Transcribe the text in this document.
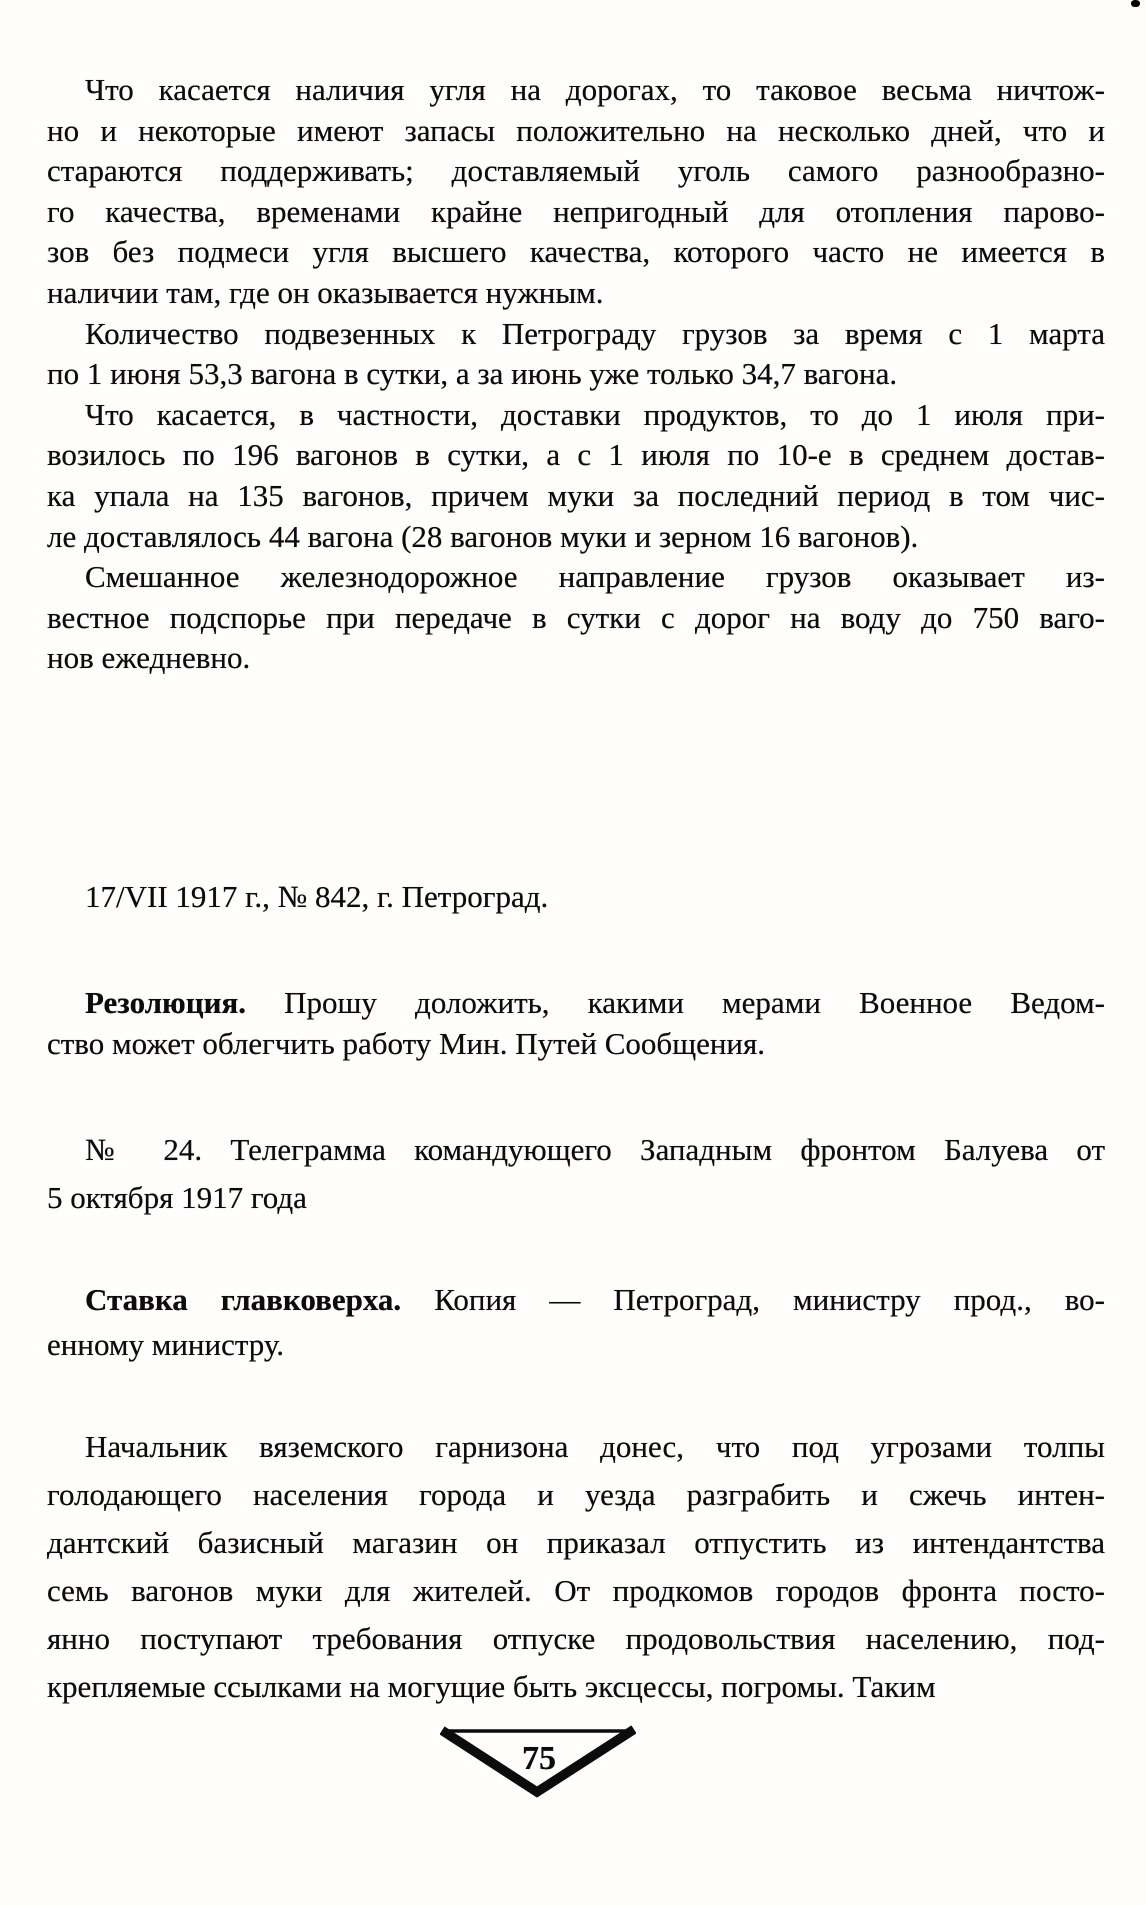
Что касается наличия угля на дорогах, то таковое весьма ничтож-
но и некоторые имеют запасы положительно на несколько дней, что и
стараются поддерживать; доставляемый уголь самого разнообразно-
го качества, временами крайне непригодный для отопления парово-
зов без подмеси угля высшего качества, которого часто не имеется в
наличии там, где он оказывается нужным.
Количество подвезенных к Петрограду грузов за время с 1 марта
по 1 июня 53,3 вагона в сутки, а за июнь уже только 34,7 вагона.
Что касается, в частности, доставки продуктов, то до 1 июля при-
возилось по 196 вагонов в сутки, а с 1 июля по 10-е в среднем достав-
ка упала на 135 вагонов, причем муки за последний период в том чис-
ле доставлялось 44 вагона (28 вагонов муки и зерном 16 вагонов).
Смешанное железнодорожное направление грузов оказывает из-
вестное подспорье при передаче в сутки с дорог на воду до 750 ваго-
нов ежедневно.
17/VII 1917 г., № 842, г. Петроград.
Резолюция. Прошу доложить, какими мерами Военное Ведом-
ство может облегчить работу Мин. Путей Сообщения.
№ 24. Телеграмма командующего Западным фронтом Балуева от
5 октября 1917 года
Ставка главковерха. Копия — Петроград, министру прод., во-
енному министру.
Начальник вяземского гарнизона донес, что под угрозами толпы
голодающего населения города и уезда разграбить и сжечь интен-
дантский базисный магазин он приказал отпустить из интендантства
семь вагонов муки для жителей. От продкомов городов фронта посто-
янно поступают требования отпуске продовольствия населению, под-
крепляемые ссылками на могущие быть эксцессы, погромы. Таким
75
